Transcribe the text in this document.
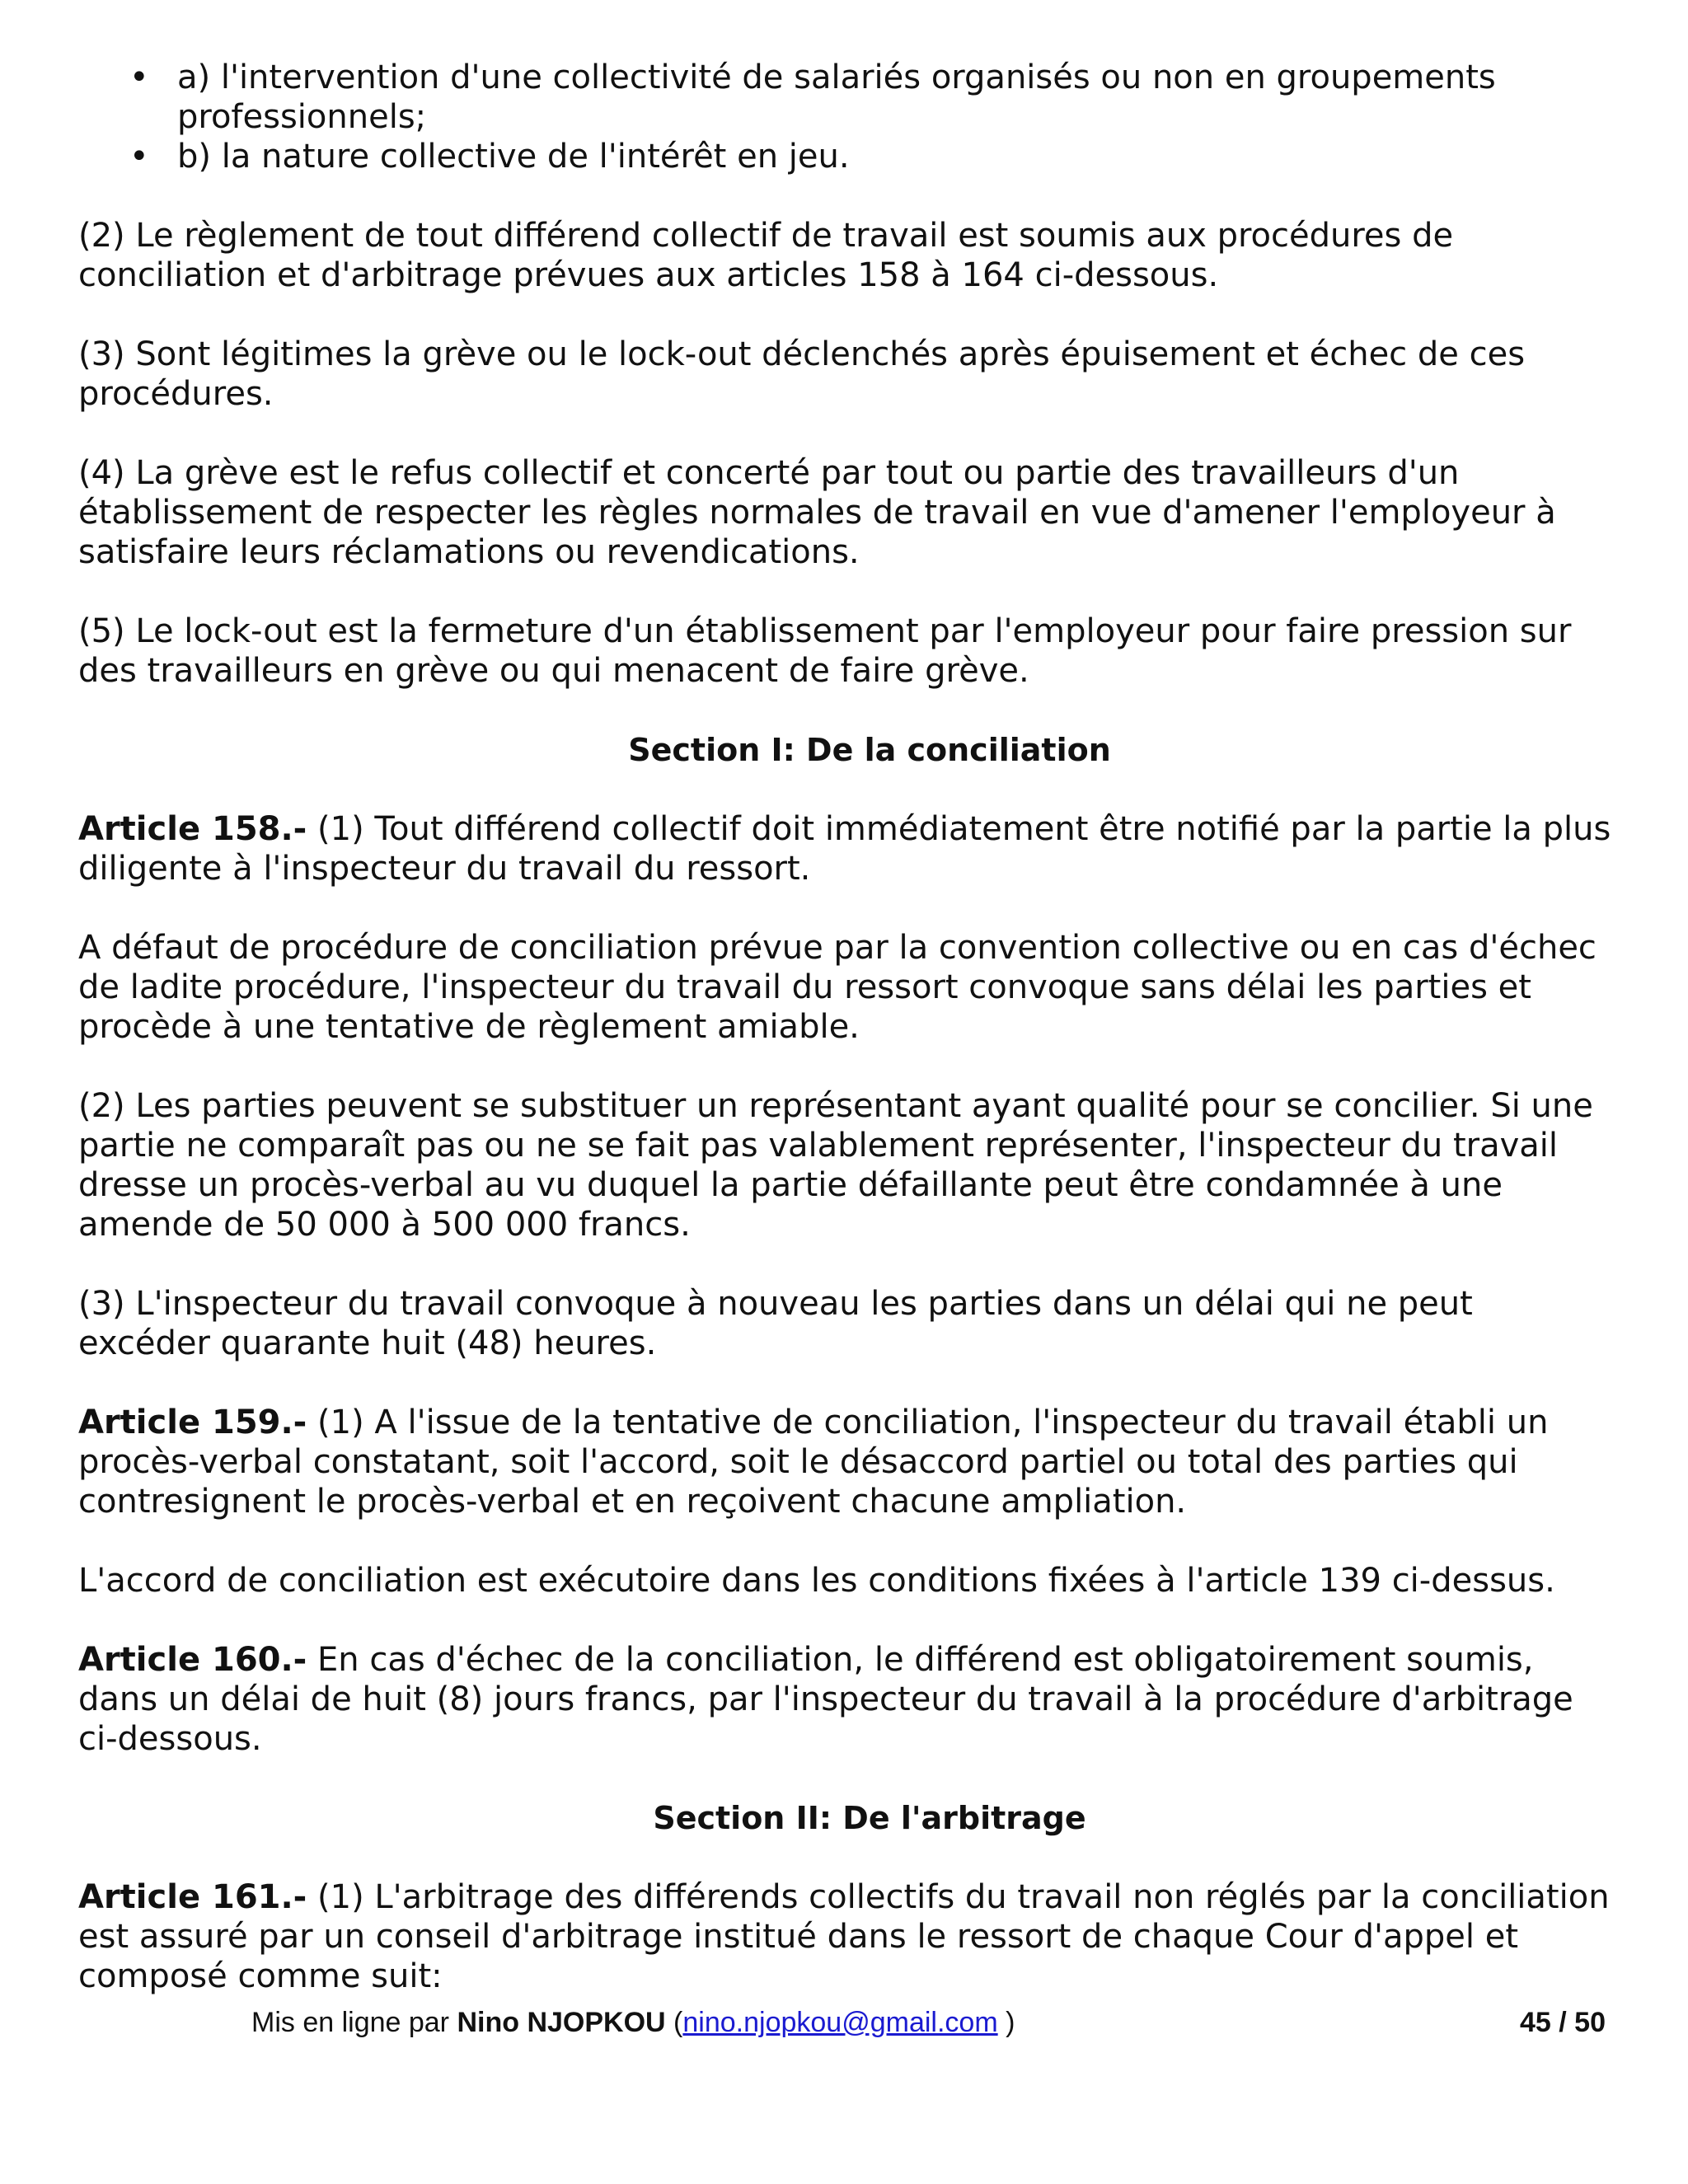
• a) l'intervention d'une collectivité de salariés organisés ou non en groupements professionnels;
• b) la nature collective de l'intérêt en jeu.

(2) Le règlement de tout différend collectif de travail est soumis aux procédures de conciliation et d'arbitrage prévues aux articles 158 à 164 ci-dessous.

(3) Sont légitimes la grève ou le lock-out déclenchés après épuisement et échec de ces procédures.

(4) La grève est le refus collectif et concerté par tout ou partie des travailleurs d'un établissement de respecter les règles normales de travail en vue d'amener l'employeur à satisfaire leurs réclamations ou revendications.

(5) Le lock-out est la fermeture d'un établissement par l'employeur pour faire pression sur des travailleurs en grève ou qui menacent de faire grève.

Section I: De la conciliation

Article 158.- (1) Tout différend collectif doit immédiatement être notifié par la partie la plus diligente à l'inspecteur du travail du ressort.

A défaut de procédure de conciliation prévue par la convention collective ou en cas d'échec de ladite procédure, l'inspecteur du travail du ressort convoque sans délai les parties et procède à une tentative de règlement amiable.

(2) Les parties peuvent se substituer un représentant ayant qualité pour se concilier. Si une partie ne comparaît pas ou ne se fait pas valablement représenter, l'inspecteur du travail dresse un procès-verbal au vu duquel la partie défaillante peut être condamnée à une amende de 50 000 à 500 000 francs.

(3) L'inspecteur du travail convoque à nouveau les parties dans un délai qui ne peut excéder quarante huit (48) heures.

Article 159.- (1) A l'issue de la tentative de conciliation, l'inspecteur du travail établi un procès-verbal constatant, soit l'accord, soit le désaccord partiel ou total des parties qui contresignent le procès-verbal et en reçoivent chacune ampliation.

L'accord de conciliation est exécutoire dans les conditions fixées à l'article 139 ci-dessus.

Article 160.- En cas d'échec de la conciliation, le différend est obligatoirement soumis, dans un délai de huit (8) jours francs, par l'inspecteur du travail à la procédure d'arbitrage ci-dessous.

Section II: De l'arbitrage

Article 161.- (1) L'arbitrage des différends collectifs du travail non réglés par la conciliation est assuré par un conseil d'arbitrage institué dans le ressort de chaque Cour d'appel et composé comme suit:

Mis en ligne par Nino NJOPKOU (nino.njopkou@gmail.com )	45 / 50
